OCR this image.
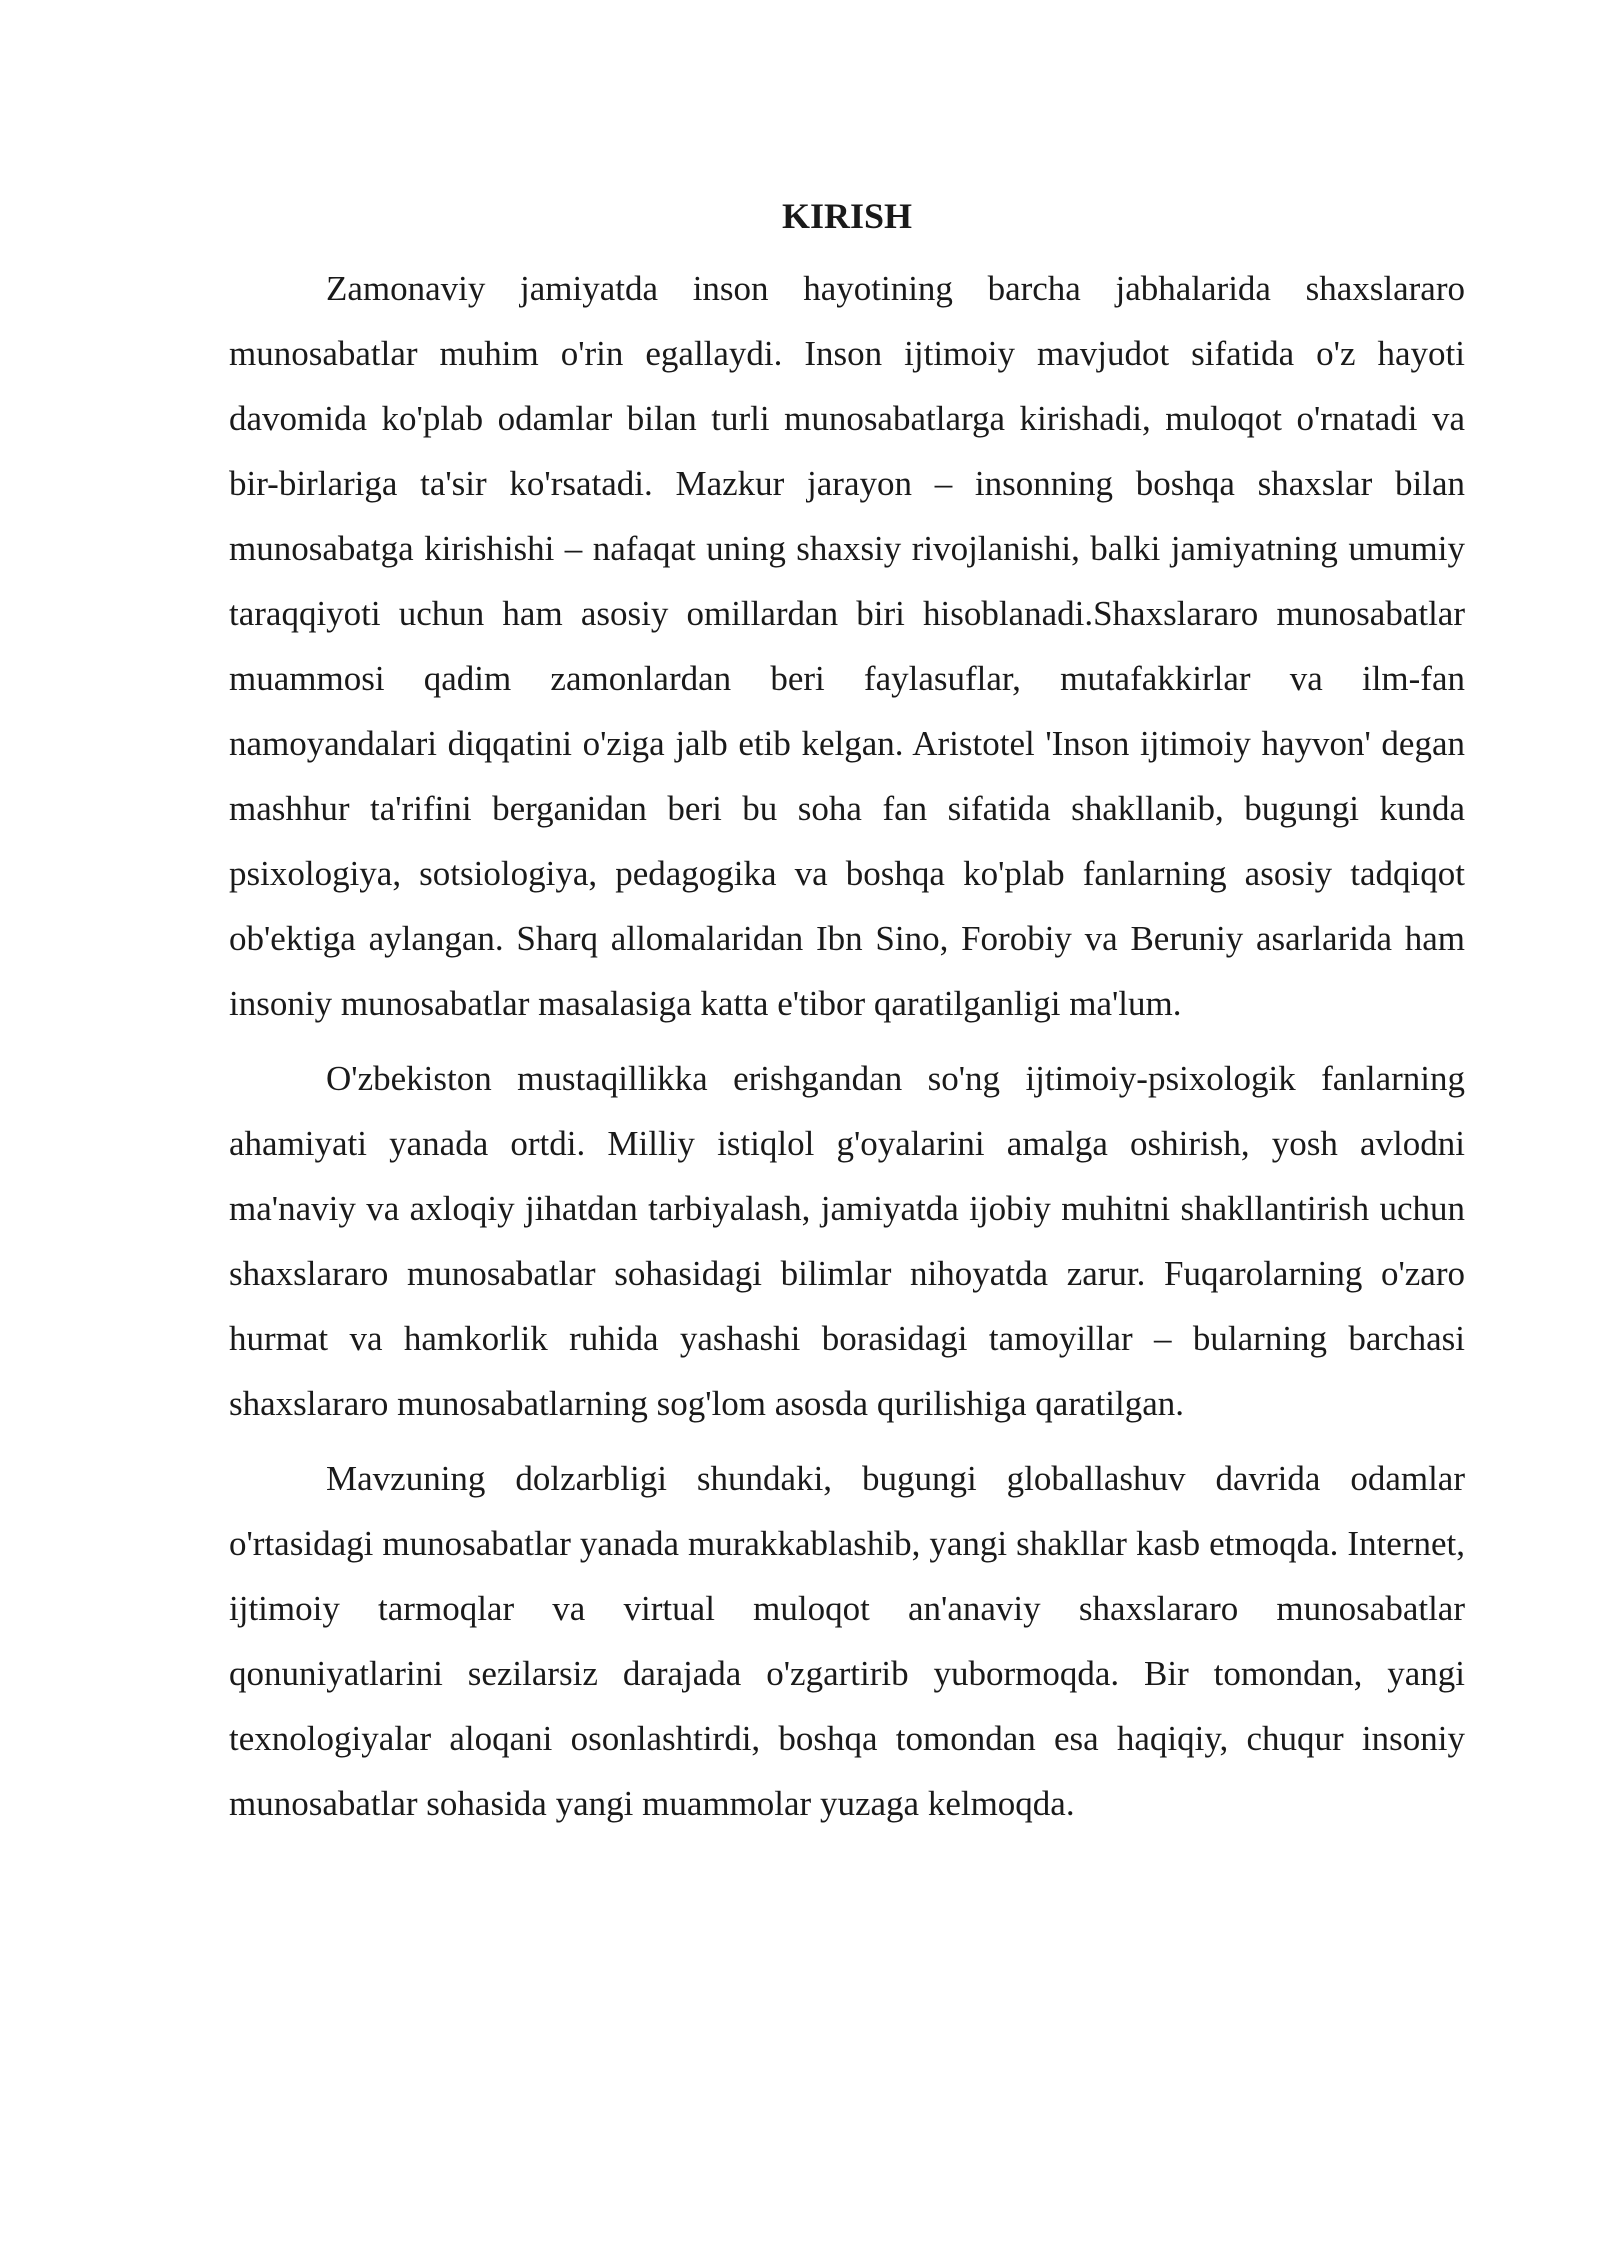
KIRISH

Zamonaviy jamiyatda inson hayotining barcha jabhalarida shaxslararo munosabatlar muhim o'rin egallaydi. Inson ijtimoiy mavjudot sifatida o'z hayoti davomida ko'plab odamlar bilan turli munosabatlarga kirishadi, muloqot o'rnatadi va bir-birlariga ta'sir ko'rsatadi. Mazkur jarayon – insonning boshqa shaxslar bilan munosabatga kirishishi – nafaqat uning shaxsiy rivojlanishi, balki jamiyatning umumiy taraqqiyoti uchun ham asosiy omillardan biri hisoblanadi.Shaxslararo munosabatlar muammosi qadim zamonlardan beri faylasuflar, mutafakkirlar va ilm-fan namoyandalari diqqatini o'ziga jalb etib kelgan. Aristotel 'Inson ijtimoiy hayvon' degan mashhur ta'rifini berganidan beri bu soha fan sifatida shakllanib, bugungi kunda psixologiya, sotsiologiya, pedagogika va boshqa ko'plab fanlarning asosiy tadqiqot ob'ektiga aylangan. Sharq allomalaridan Ibn Sino, Forobiy va Beruniy asarlarida ham insoniy munosabatlar masalasiga katta e'tibor qaratilganligi ma'lum.

O'zbekiston mustaqillikka erishgandan so'ng ijtimoiy-psixologik fanlarning ahamiyati yanada ortdi. Milliy istiqlol g'oyalarini amalga oshirish, yosh avlodni ma'naviy va axloqiy jihatdan tarbiyalash, jamiyatda ijobiy muhitni shakllantirish uchun shaxslararo munosabatlar sohasidagi bilimlar nihoyatda zarur. Fuqarolarning o'zaro hurmat va hamkorlik ruhida yashashi borasidagi tamoyillar – bularning barchasi shaxslararo munosabatlarning sog'lom asosda qurilishiga qaratilgan.

Mavzuning dolzarbligi shundaki, bugungi globallashuv davrida odamlar o'rtasidagi munosabatlar yanada murakkablashib, yangi shakllar kasb etmoqda. Internet, ijtimoiy tarmoqlar va virtual muloqot an'anaviy shaxslararo munosabatlar qonuniyatlarini sezilarsiz darajada o'zgartirib yubormoqda. Bir tomondan, yangi texnologiyalar aloqani osonlashtirdi, boshqa tomondan esa haqiqiy, chuqur insoniy munosabatlar sohasida yangi muammolar yuzaga kelmoqda.
